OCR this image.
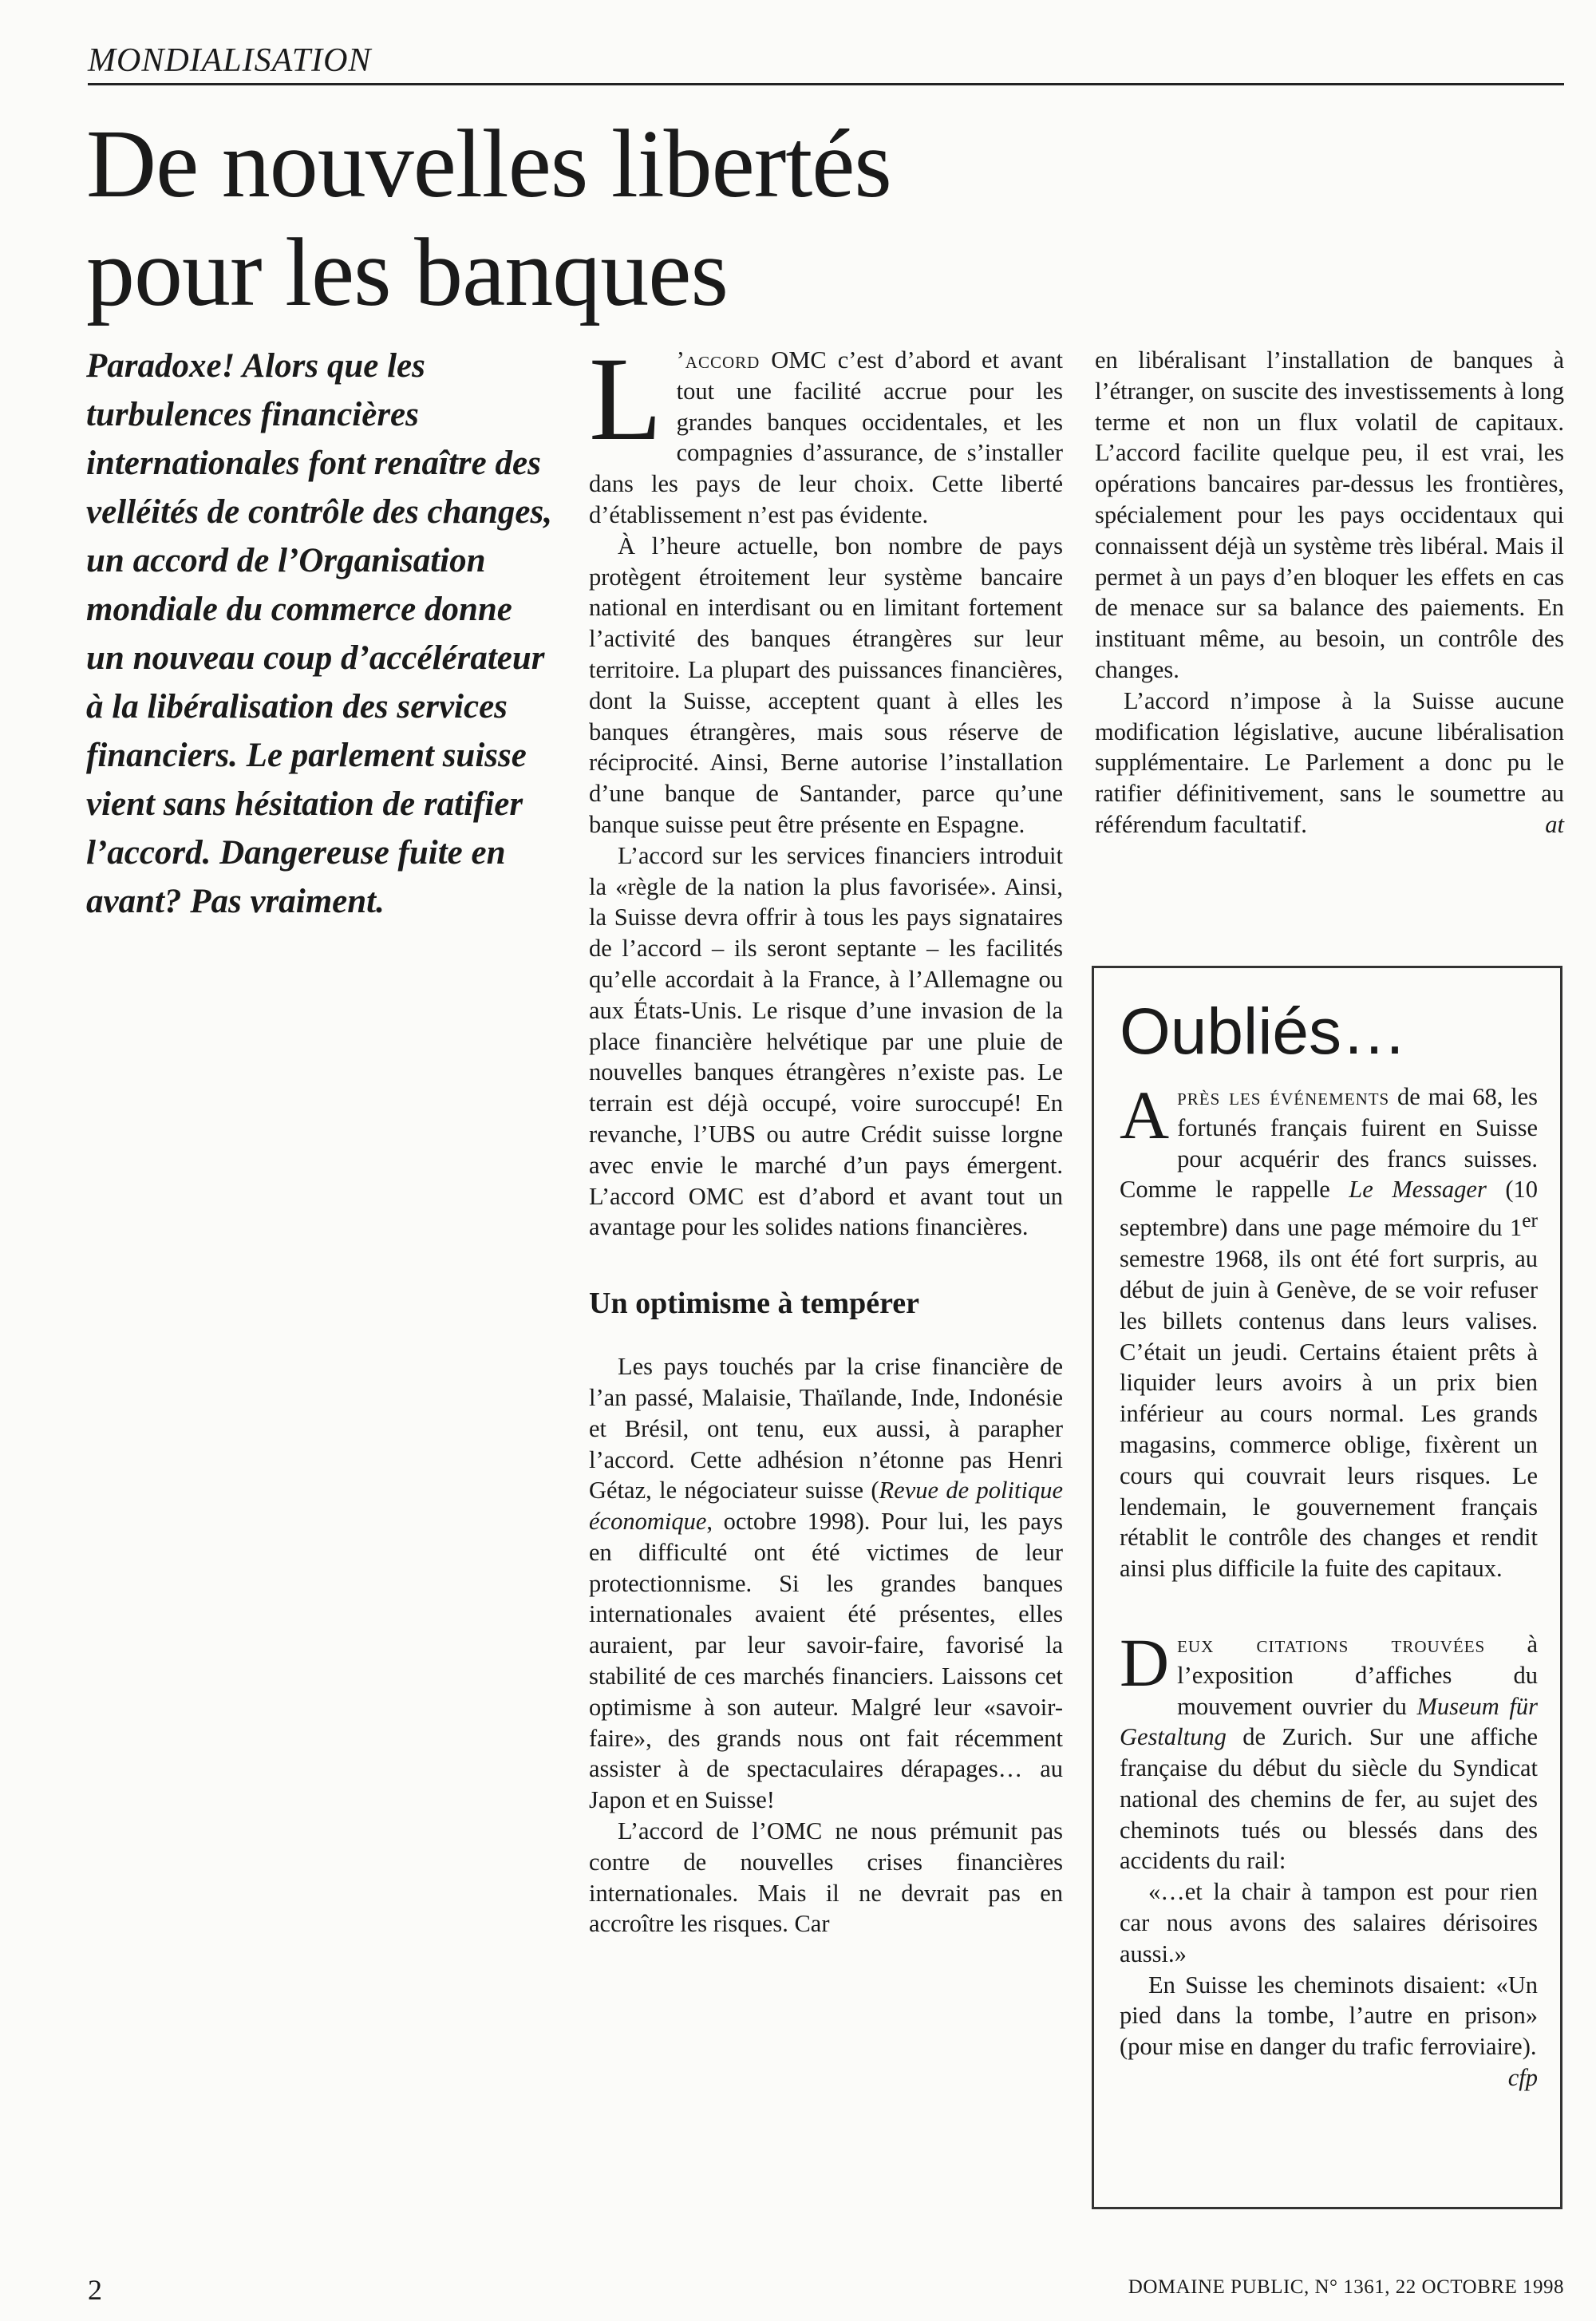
MONDIALISATION
De nouvelles libertés
pour les banques
Paradoxe! Alors que les turbulences financières internationales font renaître des velléités de contrôle des changes, un accord de l’Organisation mondiale du commerce donne un nouveau coup d’accélérateur à la libéralisation des services financiers. Le parlement suisse vient sans hésitation de ratifier l’accord. Dangereuse fuite en avant? Pas vraiment.

L ’accord OMC c’est d’abord et avant tout une facilité accrue pour les grandes banques occidentales, et les compagnies d’assurance, de s’installer dans les pays de leur choix. Cette liberté d’établissement n’est pas évidente.

À l’heure actuelle, bon nombre de pays protègent étroitement leur système bancaire national en interdisant ou en limitant fortement l’activité des banques étrangères sur leur territoire. La plupart des puissances financières, dont la Suisse, acceptent quant à elles les banques étrangères, mais sous réserve de réciprocité. Ainsi, Berne autorise l’installation d’une banque de Santander, parce qu’une banque suisse peut être présente en Espagne.

L’accord sur les services financiers introduit la «règle de la nation la plus favorisée». Ainsi, la Suisse devra offrir à tous les pays signataires de l’accord – ils seront septante – les facilités qu’elle accordait à la France, à l’Allemagne ou aux États-Unis. Le risque d’une invasion de la place financière helvétique par une pluie de nouvelles banques étrangères n’existe pas. Le terrain est déjà occupé, voire suroccupé! En revanche, l’UBS ou autre Crédit suisse lorgne avec envie le marché d’un pays émergent. L’accord OMC est d’abord et avant tout un avantage pour les solides nations financières.

Un optimisme à tempérer

Les pays touchés par la crise financière de l’an passé, Malaisie, Thaïlande, Inde, Indonésie et Brésil, ont tenu, eux aussi, à parapher l’accord. Cette adhésion n’étonne pas Henri Gétaz, le négociateur suisse (Revue de politique économique, octobre 1998). Pour lui, les pays en difficulté ont été victimes de leur protectionnisme. Si les grandes banques internationales avaient été présentes, elles auraient, par leur savoir-faire, favorisé la stabilité de ces marchés financiers. Laissons cet optimisme à son auteur. Malgré leur «savoir-faire», des grands nous ont fait récemment assister à de spectaculaires dérapages… au Japon et en Suisse!

L’accord de l’OMC ne nous prémunit pas contre de nouvelles crises financières internationales. Mais il ne devrait pas en accroître les risques. Car

en libéralisant l’installation de banques à l’étranger, on suscite des investissements à long terme et non un flux volatil de capitaux. L’accord facilite quelque peu, il est vrai, les opérations bancaires par-dessus les frontières, spécialement pour les pays occidentaux qui connaissent déjà un système très libéral. Mais il permet à un pays d’en bloquer les effets en cas de menace sur sa balance des paiements. En instituant même, au besoin, un contrôle des changes.

L’accord n’impose à la Suisse aucune modification législative, aucune libéralisation supplémentaire. Le Parlement a donc pu le ratifier définitivement, sans le soumettre au référendum facultatif.	at

Oubliés…

Après les événements de mai 68, les fortunés français fuirent en Suisse pour acquérir des francs suisses. Comme le rappelle Le Messager (10 septembre) dans une page mémoire du 1er semestre 1968, ils ont été fort surpris, au début de juin à Genève, de se voir refuser les billets contenus dans leurs valises. C’était un jeudi. Certains étaient prêts à liquider leurs avoirs à un prix bien inférieur au cours normal. Les grands magasins, commerce oblige, fixèrent un cours qui couvrait leurs risques. Le lendemain, le gouvernement français rétablit le contrôle des changes et rendit ainsi plus difficile la fuite des capitaux.

Deux citations trouvées à l’exposition d’affiches du mouvement ouvrier du Museum für Gestaltung de Zurich. Sur une affiche française du début du siècle du Syndicat national des chemins de fer, au sujet des cheminots tués ou blessés dans des accidents du rail:

«…et la chair à tampon est pour rien car nous avons des salaires dérisoires aussi.»

En Suisse les cheminots disaient: «Un pied dans la tombe, l’autre en prison» (pour mise en danger du trafic ferroviaire).
cfp

2	DOMAINE PUBLIC, N° 1361, 22 OCTOBRE 1998
